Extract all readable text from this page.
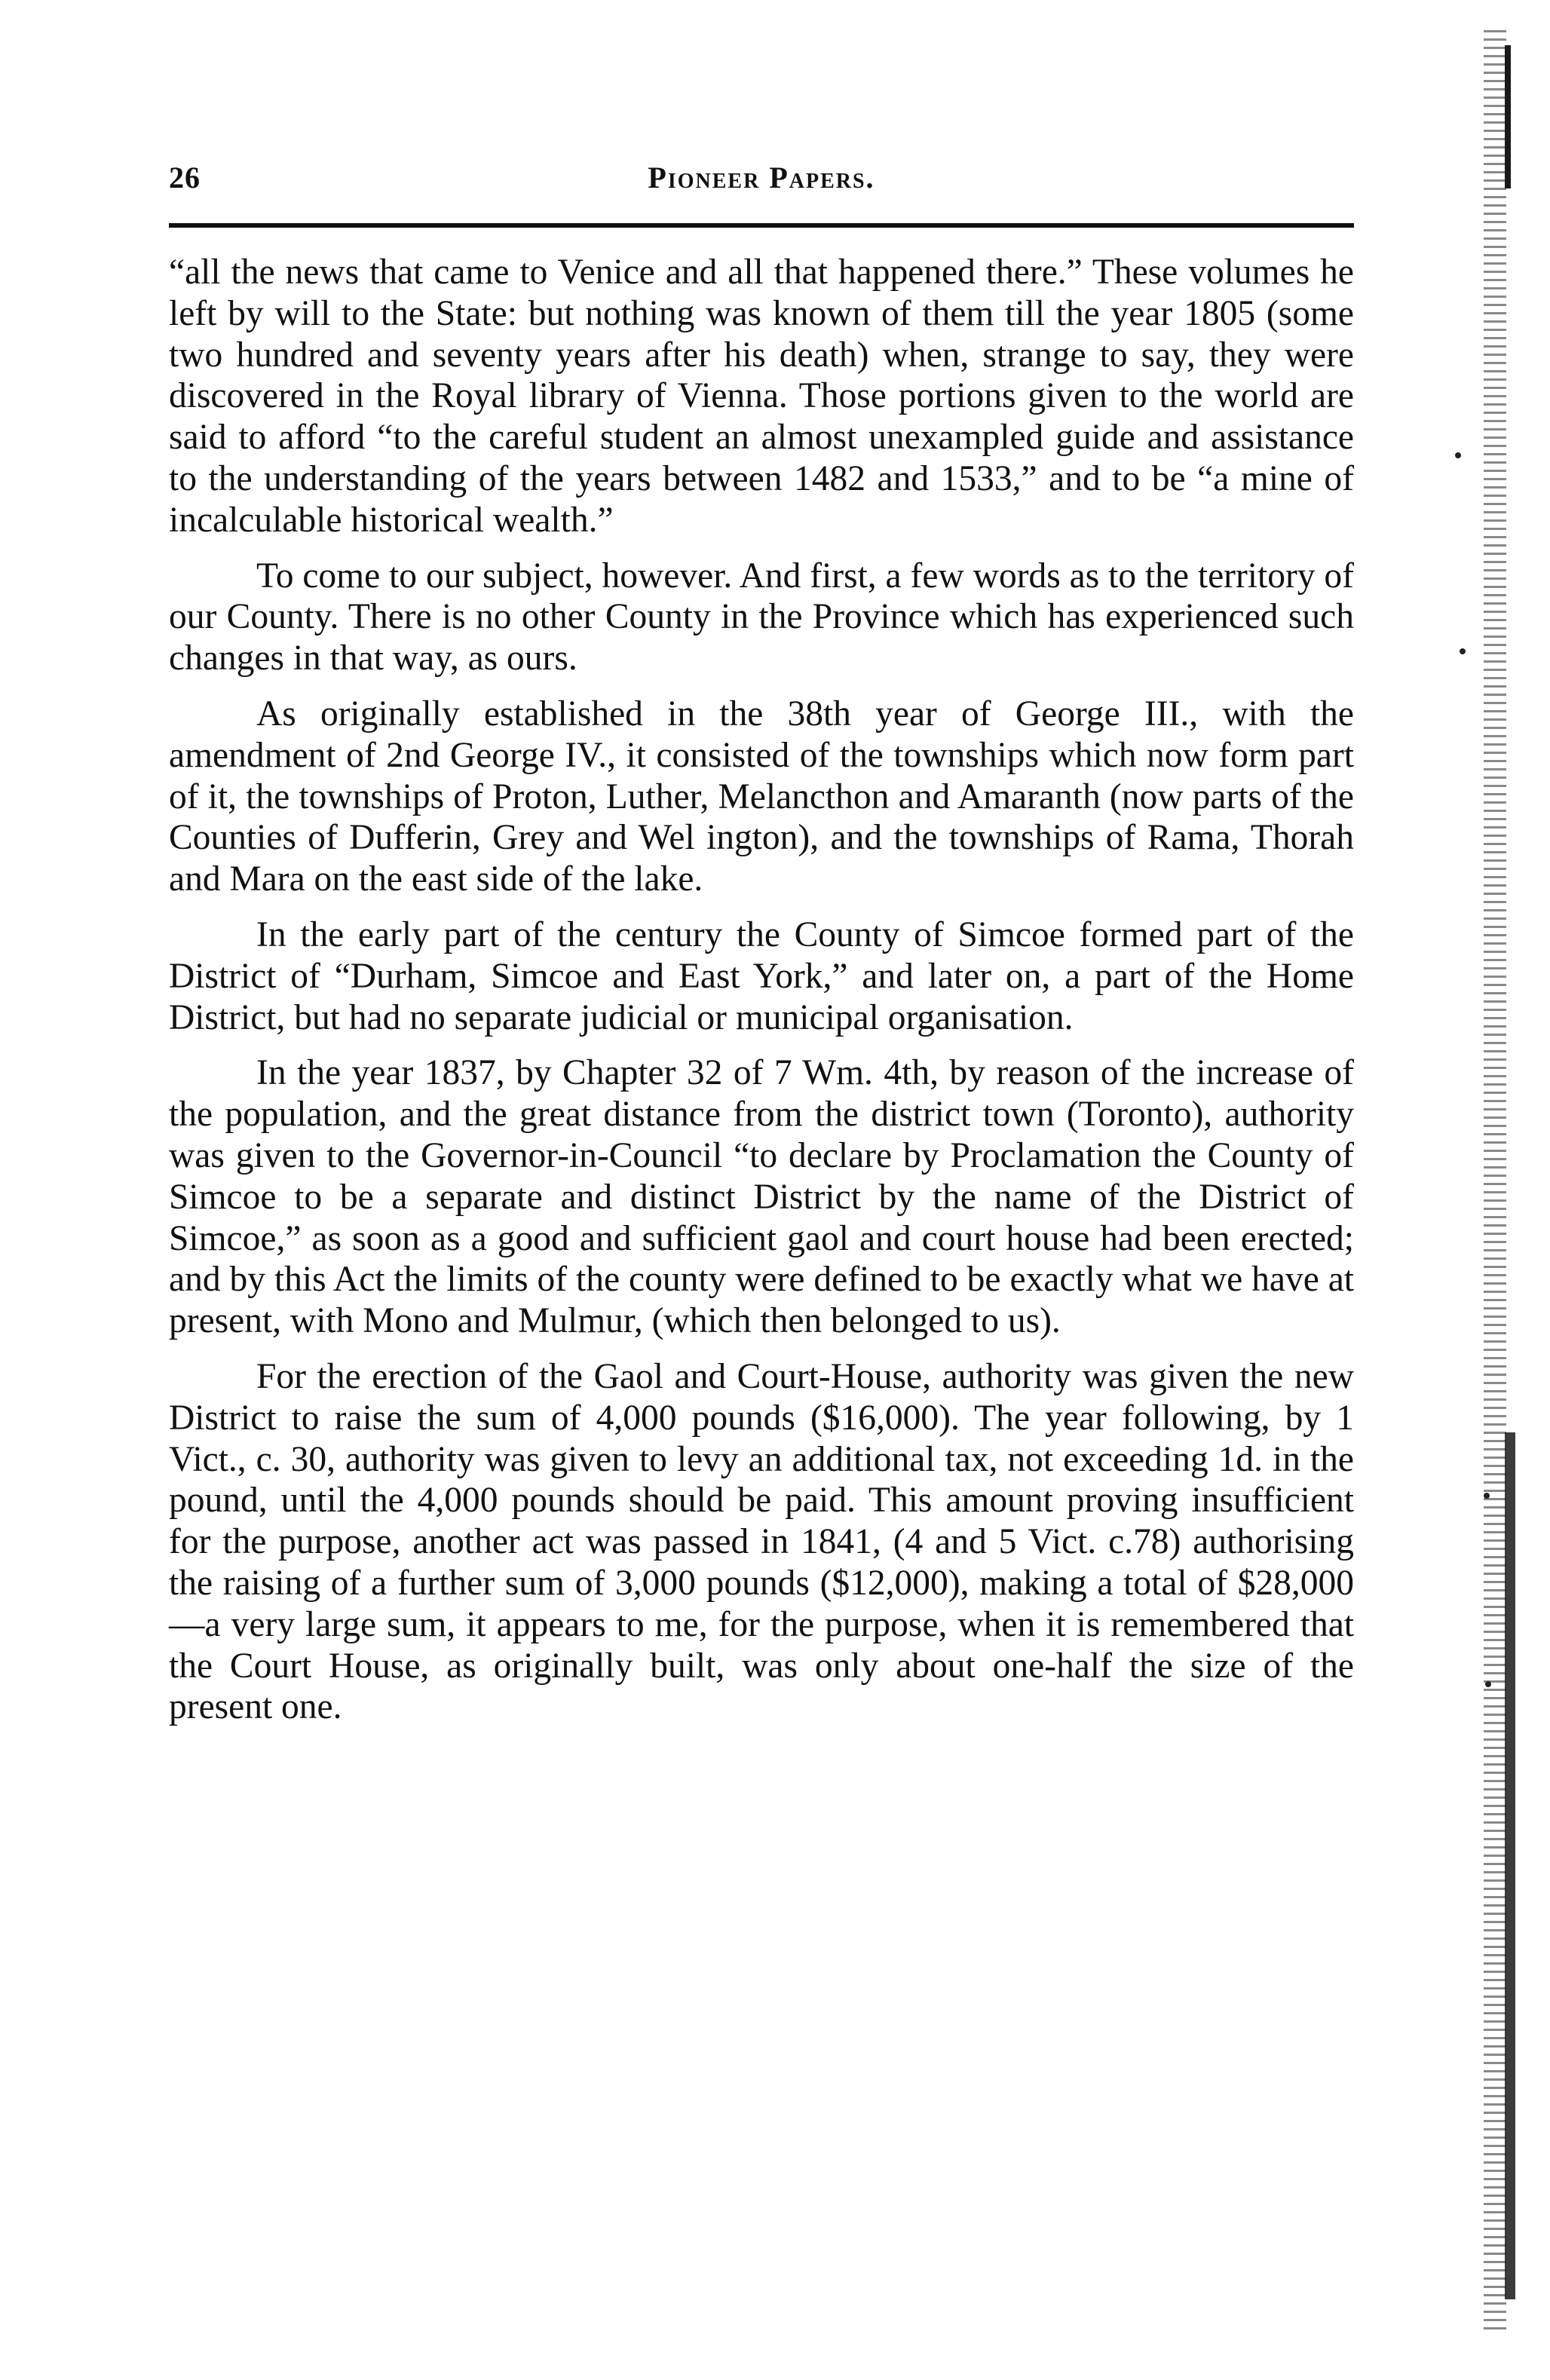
26	Pioneer Papers.

“all the news that came to Venice and all that happened there.” These volumes he left by will to the State: but nothing was known of them till the year 1805 (some two hundred and seventy years after his death) when, strange to say, they were discovered in the Royal library of Vienna. Those portions given to the world are said to afford “to the careful student an almost unexampled guide and assistance to the understanding of the years between 1482 and 1533,” and to be “a mine of incalculable historical wealth.”

To come to our subject, however. And first, a few words as to the territory of our County. There is no other County in the Province which has experienced such changes in that way, as ours.

As originally established in the 38th year of George III., with the amendment of 2nd George IV., it consisted of the townships which now form part of it, the townships of Proton, Luther, Melancthon and Amaranth (now parts of the Counties of Dufferin, Grey and Wel ington), and the townships of Rama, Thorah and Mara on the east side of the lake.

In the early part of the century the County of Simcoe formed part of the District of “Durham, Simcoe and East York,” and later on, a part of the Home District, but had no separate judicial or municipal organisation.

In the year 1837, by Chapter 32 of 7 Wm. 4th, by reason of the increase of the population, and the great distance from the district town (Toronto), authority was given to the Governor-in-Council “to declare by Proclamation the County of Simcoe to be a separate and distinct District by the name of the District of Simcoe,” as soon as a good and sufficient gaol and court house had been erected; and by this Act the limits of the county were defined to be exactly what we have at present, with Mono and Mulmur, (which then belonged to us).

For the erection of the Gaol and Court-House, authority was given the new District to raise the sum of 4,000 pounds ($16,000). The year following, by 1 Vict., c. 30, authority was given to levy an additional tax, not exceeding 1d. in the pound, until the 4,000 pounds should be paid. This amount proving insufficient for the purpose, another act was passed in 1841, (4 and 5 Vict. c.78) authorising the raising of a further sum of 3,000 pounds ($12,000), making a total of $28,000—a very large sum, it appears to me, for the purpose, when it is remembered that the Court House, as originally built, was only about one-half the size of the present one.
